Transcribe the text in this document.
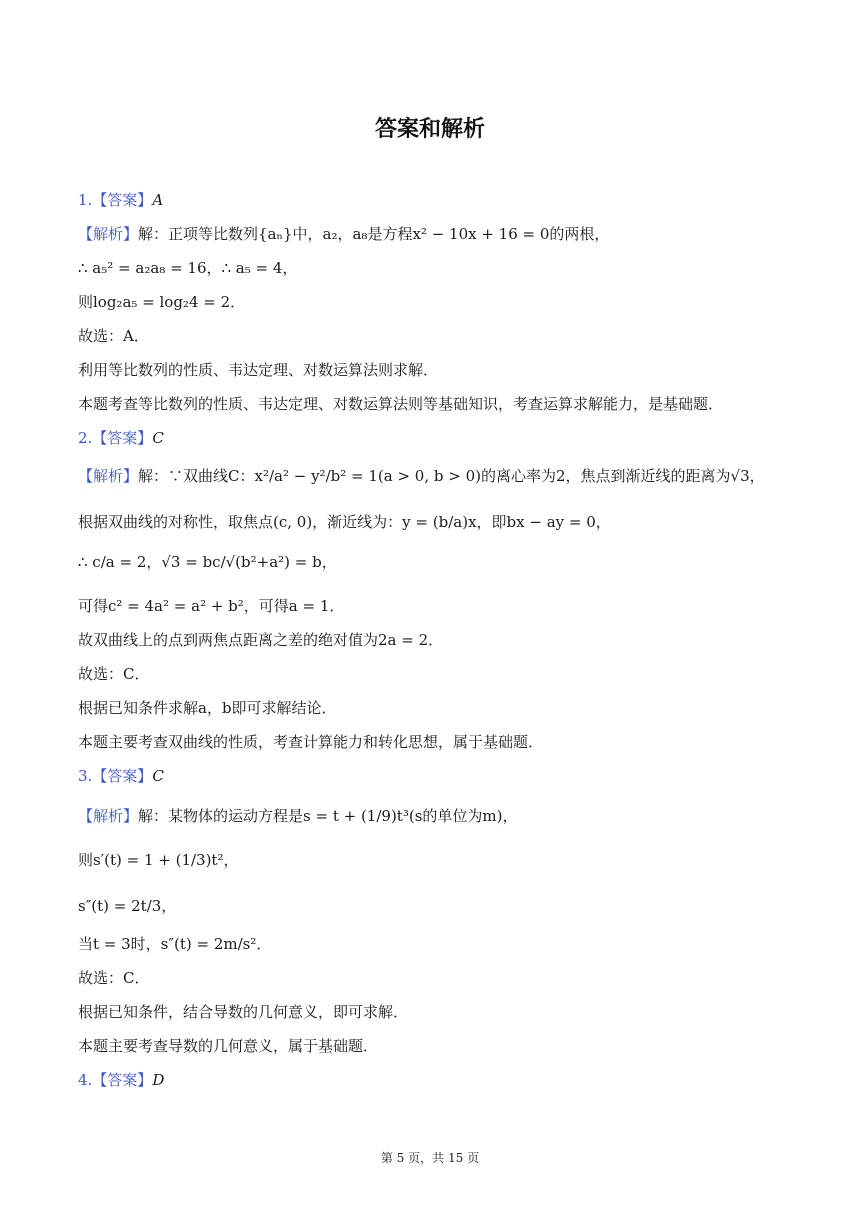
答案和解析
1.【答案】A
【解析】解：正项等比数列{aₙ}中，a₂，a₈是方程x² − 10x + 16 = 0的两根，
∴ a₅² = a₂a₈ = 16，∴ a₅ = 4，
则log₂a₅ = log₂4 = 2．
故选：A．
利用等比数列的性质、韦达定理、对数运算法则求解．
本题考查等比数列的性质、韦达定理、对数运算法则等基础知识，考查运算求解能力，是基础题．
2.【答案】C
【解析】解：∵双曲线C：x²/a² − y²/b² = 1(a > 0, b > 0)的离心率为2，焦点到渐近线的距离为√3，
根据双曲线的对称性，取焦点(c, 0)，渐近线为：y = (b/a)x，即bx − ay = 0，
∴ c/a = 2，√3 = bc/√(b²+a²) = b，
可得c² = 4a² = a² + b²，可得a = 1．
故双曲线上的点到两焦点距离之差的绝对值为2a = 2．
故选：C．
根据已知条件求解a，b即可求解结论．
本题主要考查双曲线的性质，考查计算能力和转化思想，属于基础题．
3.【答案】C
【解析】解：某物体的运动方程是s = t + (1/9)t³(s的单位为m)，
则s′(t) = 1 + (1/3)t²，
s″(t) = 2t/3，
当t = 3时，s″(t) = 2m/s²．
故选：C．
根据已知条件，结合导数的几何意义，即可求解．
本题主要考查导数的几何意义，属于基础题．
4.【答案】D
第 5 页，共 15 页
